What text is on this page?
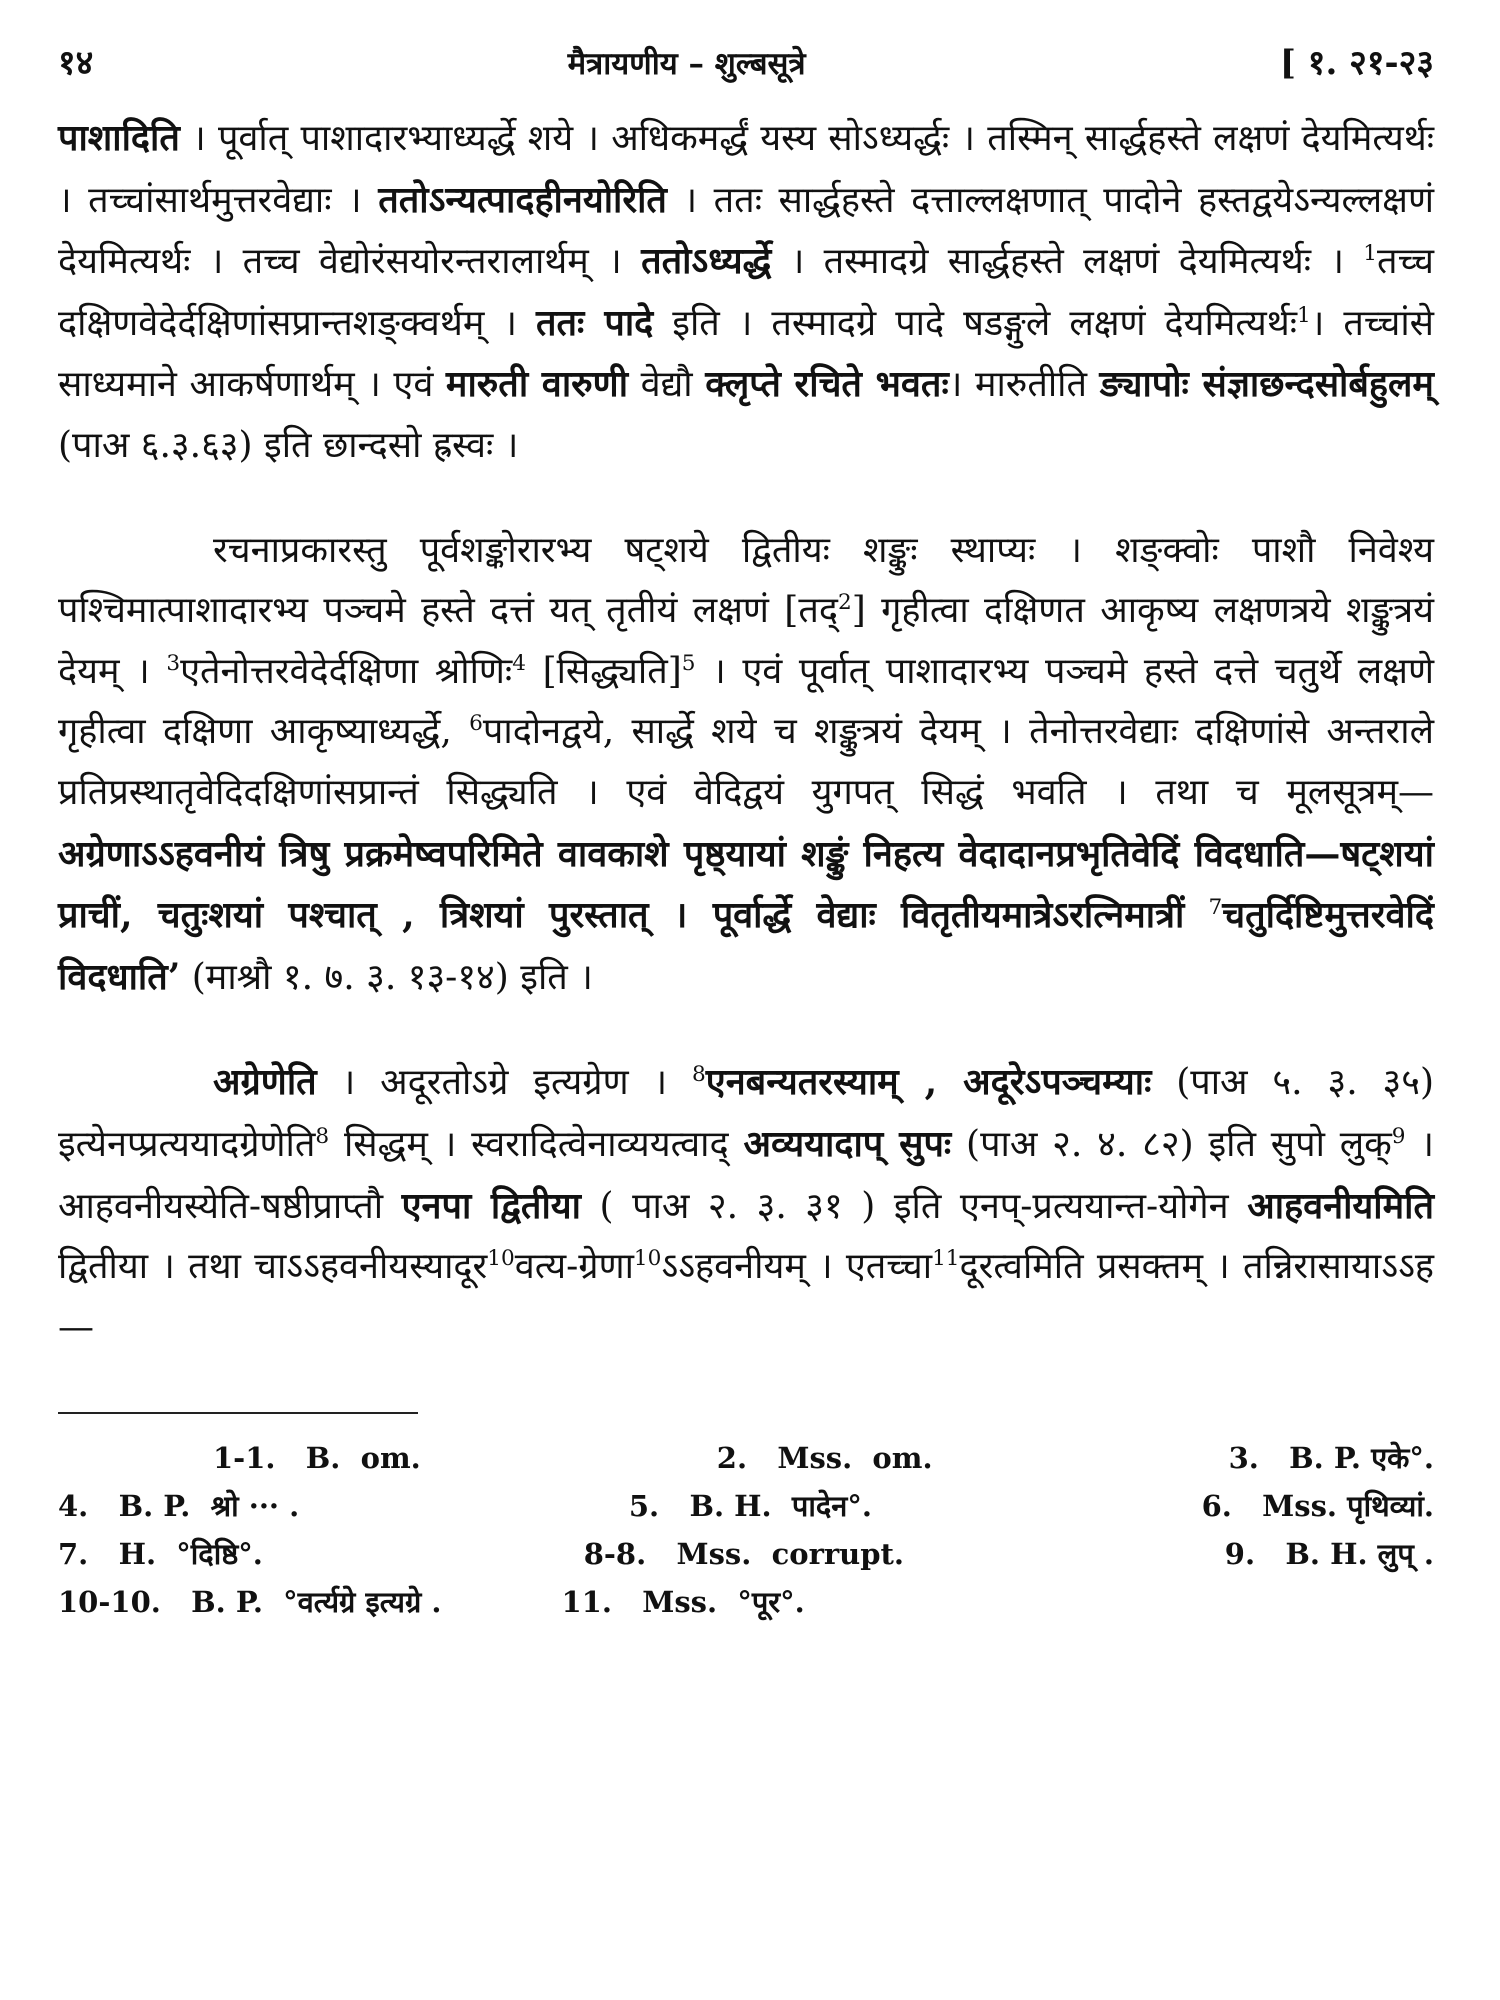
१४	मैत्रायणीय – शुल्बसूत्रे	[ १. २१-२३

पाशादिति । पूर्वात् पाशादारभ्याध्यर्द्धे शये । अधिकमर्द्धं यस्य सोऽध्यर्द्धः । तस्मिन् सार्द्धहस्ते लक्षणं देयमित्यर्थः । तच्चांसार्थमुत्तरवेद्याः । ततोऽन्यत्पादहीनयोरिति । ततः सार्द्धहस्ते दत्ताल्लक्षणात् पादोने हस्तद्वयेऽन्यल्लक्षणं देयमित्यर्थः । तच्च वेद्योरंसयोरन्तरालार्थम् । ततोऽध्यर्द्धे । तस्मादग्रे सार्द्धहस्ते लक्षणं देयमित्यर्थः । $^1$तच्च दक्षिणवेदेर्दक्षिणांसप्रान्तशङ्क्वर्थम् । ततः पादे इति । तस्मादग्रे पादे षडङ्गुले लक्षणं देयमित्यर्थः$^1$। तच्चांसे साध्यमाने आकर्षणार्थम् । एवं मारुती वारुणी वेद्यौ क्लृप्ते रचिते भवतः। मारुतीति ङ्यापोः संज्ञाछन्दसोर्बहुलम् (पाअ ६.३.६३) इति छान्दसो ह्रस्वः ।

रचनाप्रकारस्तु पूर्वशङ्कोरारभ्य षट्शये द्वितीयः शङ्कुः स्थाप्यः । शङ्क्वोः पाशौ निवेश्य पश्चिमात्पाशादारभ्य पञ्चमे हस्ते दत्तं यत् तृतीयं लक्षणं [तद्$^2$] गृहीत्वा दक्षिणत आकृष्य लक्षणत्रये शङ्कुत्रयं देयम् । $^3$एतेनोत्तरवेदेर्दक्षिणा श्रोणिः$^4$ [सिद्ध्यति]$^5$ । एवं पूर्वात् पाशादारभ्य पञ्चमे हस्ते दत्ते चतुर्थे लक्षणे गृहीत्वा दक्षिणा आकृष्याध्यर्द्धे, $^6$पादोनद्वये, सार्द्धे शये च शङ्कुत्रयं देयम् । तेनोत्तरवेद्याः दक्षिणांसे अन्तराले प्रतिप्रस्थातृवेदिदक्षिणांसप्रान्तं सिद्ध्यति । एवं वेदिद्वयं युगपत् सिद्धं भवति । तथा च मूलसूत्रम्— अग्रेणाऽऽहवनीयं त्रिषु प्रक्रमेष्वपरिमिते वावकाशे पृष्ठ्यायां शङ्कुं निहत्य वेदादानप्रभृतिवेदिं विदधाति—षट्शयां प्राचीं, चतुःशयां पश्चात् , त्रिशयां पुरस्तात् । पूर्वार्द्धे वेद्याः वितृतीयमात्रेऽरत्निमात्रीं $^7$चतुर्दिष्टिमुत्तरवेदिं विदधाति’ (माश्रौ १. ७. ३. १३-१४) इति ।

अग्रेणेति । अदूरतोऽग्रे इत्यग्रेण । $^8$एनबन्यतरस्याम् , अदूरेऽपञ्चम्याः (पाअ ५. ३. ३५) इत्येनप्प्रत्ययादग्रेणेति$^8$ सिद्धम् । स्वरादित्वेनाव्ययत्वाद् अव्ययादाप् सुपः (पाअ २. ४. ८२) इति सुपो लुक्$^9$ । आहवनीयस्येति-षष्ठीप्राप्तौ एनपा द्वितीया ( पाअ २. ३. ३१ ) इति एनप्-प्रत्ययान्त-योगेन आहवनीयमिति द्वितीया । तथा चाऽऽहवनीयस्यादूर$^{10}$वत्य-ग्रेणा$^{10}$ऽऽहवनीयम् । एतच्चा$^{11}$दूरत्वमिति प्रसक्तम् । तन्निरासायाऽऽह—

1-1. B. om.	2. Mss. om.	3. B. P. एके°.
4. B. P. श्रो ··· .	5. B. H. पादेन°.	6. Mss. पृथिव्यां.
7. H. °दिष्ठि°.	8-8. Mss. corrupt.	9. B. H. लुप् .
10-10. B. P. °वर्त्यग्रे इत्यग्रे .	11. Mss. °पूर°.
